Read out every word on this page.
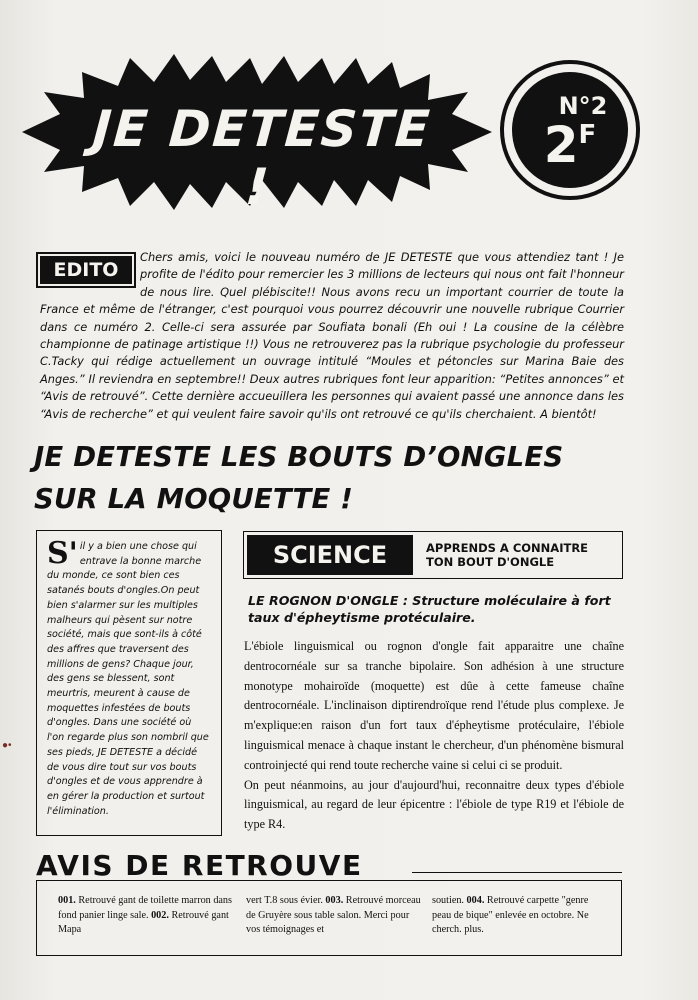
JE DETESTE !
N°2
$2^F$
Chers amis, voici le nouveau numéro de JE DETESTE que vous attendiez tant ! Je profite de l'édito pour remercier les 3 millions de lecteurs qui nous ont fait l'honneur de nous lire. Quel plébiscite!! Nous avons recu un important courrier de toute la France et même de l'étranger, c'est pourquoi vous pourrez découvrir une nouvelle rubrique Courrier dans ce numéro 2. Celle-ci sera assurée par Soufiata bonali (Eh oui ! La cousine de la célèbre championne de patinage artistique !!) Vous ne retrouverez pas la rubrique psychologie du professeur C.Tacky qui rédige actuellement un ouvrage intitulé “Moules et pétoncles sur Marina Baie des Anges.” Il reviendra en septembre!! Deux autres rubriques font leur apparition: “Petites annonces” et “Avis de retrouvé”. Cette dernière accueuillera les personnes qui avaient passé une annonce dans les “Avis de recherche” et qui veulent faire savoir qu'ils ont retrouvé ce qu'ils cherchaient. A bientôt!
EDITO
JE DETESTE LES BOUTS D’ONGLES
SUR LA MOQUETTE !

S' il y a bien une chose qui entrave la bonne marche du monde, ce sont bien ces satanés bouts d'ongles.On peut bien s'alarmer sur les multiples malheurs qui pèsent sur notre société, mais que sont-ils à côté des affres que traversent des millions de gens? Chaque jour, des gens se blessent, sont meurtris, meurent à cause de moquettes infestées de bouts d'ongles. Dans une société où l'on regarde plus son nombril que ses pieds, JE DETESTE a décidé de vous dire tout sur vos bouts d'ongles et de vous apprendre à en gérer la production et surtout l'élimination.

SCIENCE	APPRENDS A CONNAITRE
TON BOUT D'ONGLE
LE ROGNON D'ONGLE : Structure moléculaire à fort taux d'épheytisme protéculaire.

L'ébiole linguismical ou rognon d'ongle fait apparaitre une chaîne dentrocornéale sur sa tranche bipolaire. Son adhésion à une structure monotype mohairoïde (moquette) est dûe à cette fameuse chaîne dentrocornéale. L'inclinaison diptirendroïque rend l'étude plus complexe. Je m'explique:en raison d'un fort taux d'épheytisme protéculaire, l'ébiole linguismical menace à chaque instant le chercheur, d'un phénomène bismural controinjecté qui rend toute recherche vaine si celui ci se produit.

On peut néanmoins, au jour d'aujourd'hui, reconnaitre deux types d'ébiole linguismical, au regard de leur épicentre : l'ébiole de type R19 et l'ébiole de type R4.

AVIS DE RETROUVE
001. Retrouvé gant de toilette marron dans fond panier linge sale. 002. Retrouvé gant Mapa
vert T.8 sous évier. 003. Retrouvé morceau de Gruyère sous table salon. Merci pour vos témoignages et
soutien. 004. Retrouvé carpette "genre peau de bique" enlevée en octobre. Ne cherch. plus.
●•
